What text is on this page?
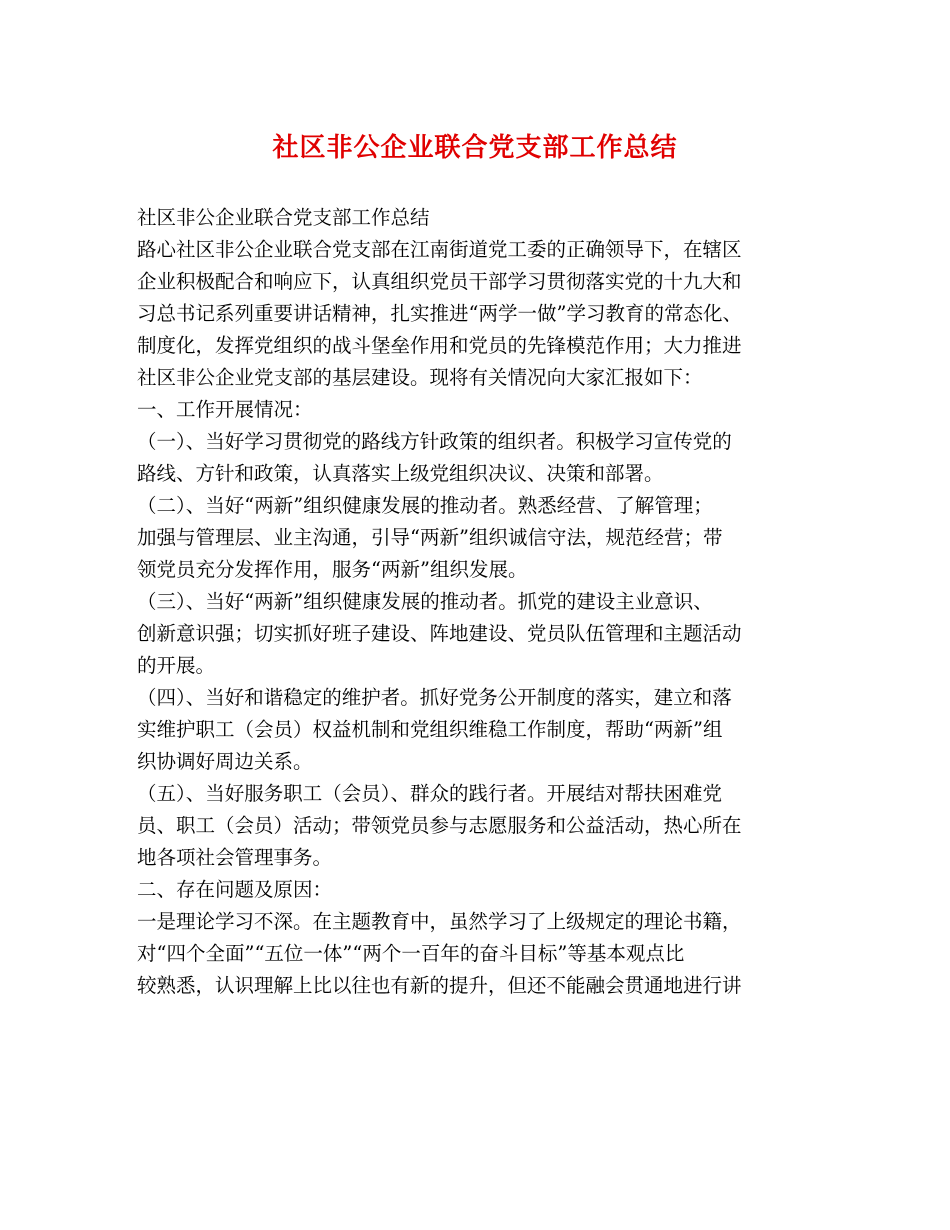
社区非公企业联合党支部工作总结
社区非公企业联合党支部工作总结
路心社区非公企业联合党支部在江南街道党工委的正确领导下，在辖区
企业积极配合和响应下，认真组织党员干部学习贯彻落实党的十九大和
习总书记系列重要讲话精神，扎实推进“两学一做”学习教育的常态化、
制度化，发挥党组织的战斗堡垒作用和党员的先锋模范作用；大力推进
社区非公企业党支部的基层建设。现将有关情况向大家汇报如下：
一、工作开展情况：
（一）、当好学习贯彻党的路线方针政策的组织者。积极学习宣传党的
路线、方针和政策，认真落实上级党组织决议、决策和部署。
（二）、当好“两新”组织健康发展的推动者。熟悉经营、了解管理；
加强与管理层、业主沟通，引导“两新”组织诚信守法，规范经营；带
领党员充分发挥作用，服务“两新”组织发展。
（三）、当好“两新”组织健康发展的推动者。抓党的建设主业意识、
创新意识强；切实抓好班子建设、阵地建设、党员队伍管理和主题活动
的开展。
（四）、当好和谐稳定的维护者。抓好党务公开制度的落实，建立和落
实维护职工（会员）权益机制和党组织维稳工作制度，帮助“两新”组
织协调好周边关系。
（五）、当好服务职工（会员）、群众的践行者。开展结对帮扶困难党
员、职工（会员）活动；带领党员参与志愿服务和公益活动，热心所在
地各项社会管理事务。
二、存在问题及原因：
一是理论学习不深。在主题教育中，虽然学习了上级规定的理论书籍，
对“四个全面”“五位一体”“两个一百年的奋斗目标”等基本观点比
较熟悉，认识理解上比以往也有新的提升，但还不能融会贯通地进行讲
